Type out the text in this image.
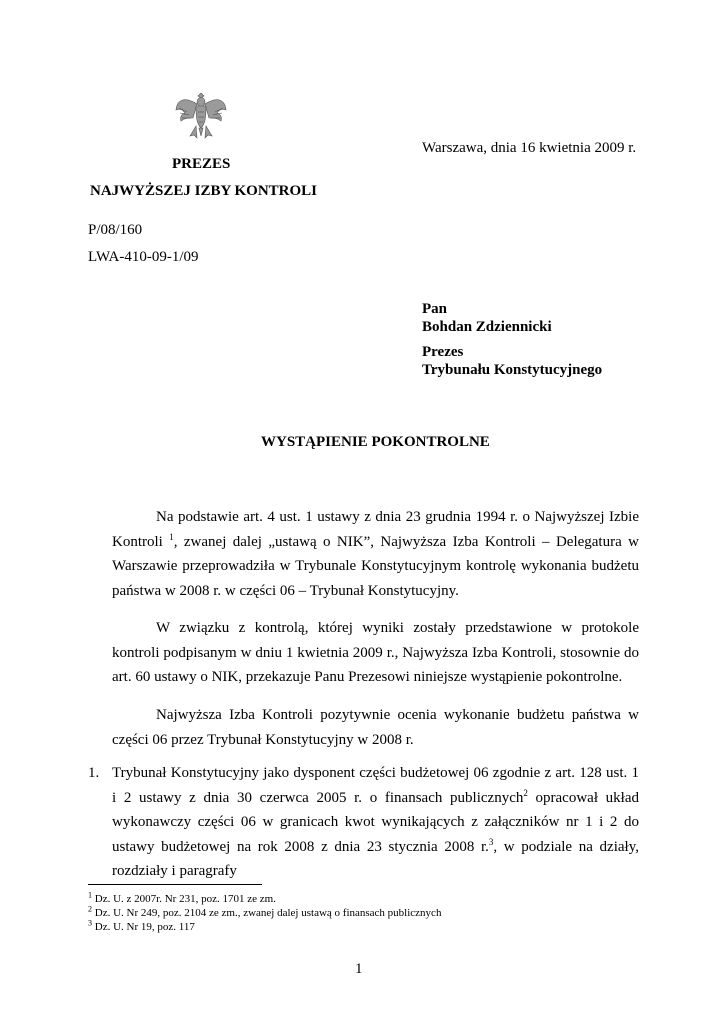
Warszawa, dnia 16 kwietnia 2009 r.
PREZES
NAJWYŻSZEJ IZBY KONTROLI
P/08/160
LWA-410-09-1/09
Pan
Bohdan Zdziennicki
Prezes
Trybunału Konstytucyjnego
WYSTĄPIENIE POKONTROLNE
Na podstawie art. 4 ust. 1 ustawy z dnia 23 grudnia 1994 r. o Najwyższej Izbie Kontroli $^1$, zwanej dalej „ustawą o NIK”, Najwyższa Izba Kontroli – Delegatura w Warszawie przeprowadziła w Trybunale Konstytucyjnym kontrolę wykonania budżetu państwa w 2008 r. w części 06 – Trybunał Konstytucyjny.
W związku z kontrolą, której wyniki zostały przedstawione w protokole kontroli podpisanym w dniu 1 kwietnia 2009 r., Najwyższa Izba Kontroli, stosownie do art. 60 ustawy o NIK, przekazuje Panu Prezesowi niniejsze wystąpienie pokontrolne.
Najwyższa Izba Kontroli pozytywnie ocenia wykonanie budżetu państwa w części 06 przez Trybunał Konstytucyjny w 2008 r.
1. Trybunał Konstytucyjny jako dysponent części budżetowej 06 zgodnie z art. 128 ust. 1 i 2 ustawy z dnia 30 czerwca 2005 r. o finansach publicznych$^2$ opracował układ wykonawczy części 06 w granicach kwot wynikających z załączników nr 1 i 2 do ustawy budżetowej na rok 2008 z dnia 23 stycznia 2008 r.$^3$, w podziale na działy, rozdziały i paragrafy
$^1$ Dz. U. z 2007r. Nr 231, poz. 1701 ze zm.
$^2$ Dz. U. Nr 249, poz. 2104 ze zm., zwanej dalej ustawą o finansach publicznych
$^3$ Dz. U. Nr 19, poz. 117
1
